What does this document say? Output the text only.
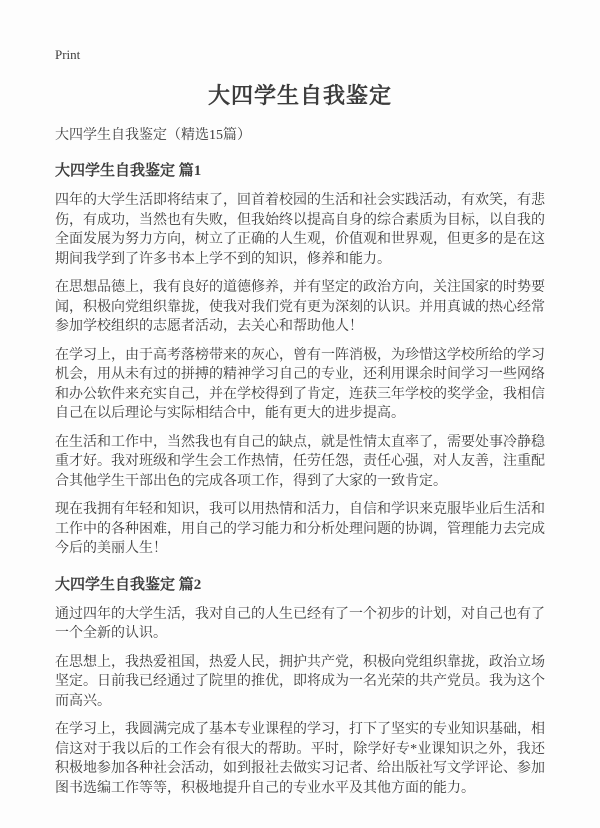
Print
大四学生自我鉴定
大四学生自我鉴定（精选15篇）
大四学生自我鉴定 篇1

四年的大学生活即将结束了，回首着校园的生活和社会实践活动，有欢笑，有悲伤，有成功，当然也有失败，但我始终以提高自身的综合素质为目标，以自我的全面发展为努力方向，树立了正确的人生观，价值观和世界观，但更多的是在这期间我学到了许多书本上学不到的知识，修养和能力。

在思想品德上，我有良好的道德修养，并有坚定的政治方向，关注国家的时势要闻，积极向党组织靠拢，使我对我们党有更为深刻的认识。并用真诚的热心经常参加学校组织的志愿者活动，去关心和帮助他人！

在学习上，由于高考落榜带来的灰心，曾有一阵消极，为珍惜这学校所给的学习机会，用从未有过的拼搏的精神学习自己的专业，还利用课余时间学习一些网络和办公软件来充实自己，并在学校得到了肯定，连获三年学校的奖学金，我相信自己在以后理论与实际相结合中，能有更大的进步提高。

在生活和工作中，当然我也有自己的缺点，就是性情太直率了，需要处事冷静稳重才好。我对班级和学生会工作热情，任劳任怨，责任心强，对人友善，注重配合其他学生干部出色的完成各项工作，得到了大家的一致肯定。

现在我拥有年轻和知识，我可以用热情和活力，自信和学识来克服毕业后生活和工作中的各种困难，用自己的学习能力和分析处理问题的协调，管理能力去完成今后的美丽人生！

大四学生自我鉴定 篇2

通过四年的大学生活，我对自己的人生已经有了一个初步的计划，对自己也有了一个全新的认识。

在思想上，我热爱祖国，热爱人民，拥护共产党，积极向党组织靠拢，政治立场坚定。日前我已经通过了院里的推优，即将成为一名光荣的共产党员。我为这个而高兴。

在学习上，我圆满完成了基本专业课程的学习，打下了坚实的专业知识基础，相信这对于我以后的工作会有很大的帮助。平时，除学好专*业课知识之外，我还积极地参加各种社会活动，如到报社去做实习记者、给出版社写文学评论、参加图书选编工作等等，积极地提升自己的专业水平及其他方面的能力。
